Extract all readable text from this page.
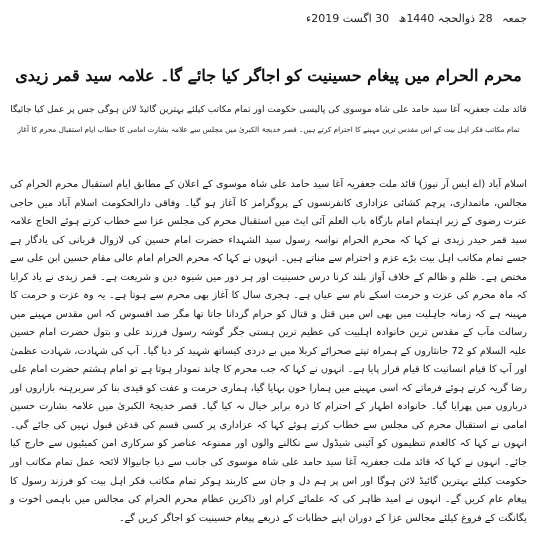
جمعہ 28 ذوالحجہ 1440ھ 30 اگست 2019ء
محرم الحرام میں پیغام حسینیت کو اجاگر کیا جائے گا۔ علامہ سید قمر زیدی
قائد ملت جعفریہ آغا سید حامد علی شاہ موسوی کی پالیسی حکومت اور تمام مکاتب کیلئے بہترین گائیڈ لائن ہوگی جس پر عمل کیا جائیگا
تمام مکاتب فکر اہل بیت کے اس مقدس ترین مہینے کا احترام کرتے ہیں۔ قصر خدیجۃ الکبریٰ میں مجلس سے علامہ بشارت امامی کا خطاب ایام استقبال محرم کا آغاز

اسلام آباد (اے ایس آر نیوز) قائد ملت جعفریہ آغا سید حامد علی شاہ موسوی کے اعلان کے مطابق ایام استقبال محرم الحرام کی مجالس، ماتمداری، پرچم کشائی عزاداری کانفرنسوں کے پروگرامز کا آغاز ہو گیا۔ وفاقی دارالحکومت اسلام آباد میں حاجی عترت رضوی کے زیر اہتمام امام بارگاہ باب العلم آئی ایٹ میں استقبال محرم کی مجلس عزا سے خطاب کرتے ہوئے الحاج علامہ سید قمر حیدر زیدی نے کہا کہ محرم الحرام نواسہ رسول سید الشہداء حضرت امام حسین کی لازوال قربانی کی یادگار ہے جسے تمام مکاتب اہل بیت بڑے عزم و احترام سے مناتے ہیں۔ انہوں نے کہا کہ محرم الحرام امام عالی مقام حسین ابن علی سے مختص ہے۔ ظلم و ظالم کے خلاف آواز بلند کرنا درس حسینیت اور ہر دور میں شیوہ دین و شریعت ہے۔ قمر زیدی نے یاد کرایا کہ ماہ محرم کی عزت و حرمت اسکے نام سے عیاں ہے۔ ہجری سال کا آغاز بھی محرم سے ہوتا ہے۔ یہ وہ عزت و حرمت کا مہینہ ہے کہ زمانہ جاہلیت میں بھی اس میں قتل و قتال کو حرام گردانا جاتا تھا مگر صد افسوس کہ اس مقدس مہینے میں رسالت مآب کے مقدس ترین خانوادہ اہلبیت کی عظیم ترین ہستی جگر گوشہ رسول فرزند علی و بتول حضرت امام حسین علیہ السلام کو 72 جانثاروں کے ہمراہ تپتے صحرائے کربلا میں بے دردی کیساتھ شہید کر دیا گیا۔ آپ کی شہادت، شہادت عظمیٰ اور آپ کا قیام انسانیت کا قیام قرار پایا ہے۔ انہوں نے کہا کہ جب محرم کا چاند نمودار ہوتا ہے تو امام ہشتم حضرت امام علی رضا گریہ کرتے ہوئے فرماتے کہ اسی مہینے میں ہمارا خون بہایا گیا، ہماری حرمت و عفت کو قیدی بنا کر سربرہنہ بازاروں اور درباروں میں پھرایا گیا۔ خانوادہ اطہار کے احترام کا ذرہ برابر خیال نہ کیا گیا۔ قصر خدیجۃ الکبریٰ میں علامہ بشارت حسین امامی نے استقبال محرم کی مجلس سے خطاب کرتے ہوئے کہا کہ عزاداری پر کسی قسم کی قدغن قبول نہیں کی جائے گی۔ انہوں نے کہا کہ کالعدم تنظیموں کو آئینی شیڈول سے نکالنے والوں اور ممنوعہ عناصر کو سرکاری امن کمیٹیوں سے خارج کیا جائے۔ انہوں نے کہا کہ قائد ملت جعفریہ آغا سید حامد علی شاہ موسوی کی جانب سے دیا جانیوالا لائحہ عمل تمام مکاتب اور حکومت کیلئے بہترین گائیڈ لائن ہوگا اور اس پر ہم دل و جان سے کاربند ہوکر تمام مکاتب فکر اہل بیت کو فرزند رسول کا پیغام عام کریں گے۔ انہوں نے امید ظاہر کی کہ علمائے کرام اور ذاکرین عظام محرم الحرام کی مجالس میں باہمی اخوت و یگانگت کے فروغ کیلئے مجالس عزا کے دوران اپنے خطابات کے ذریعے پیغام حسینیت کو اجاگر کریں گے۔
